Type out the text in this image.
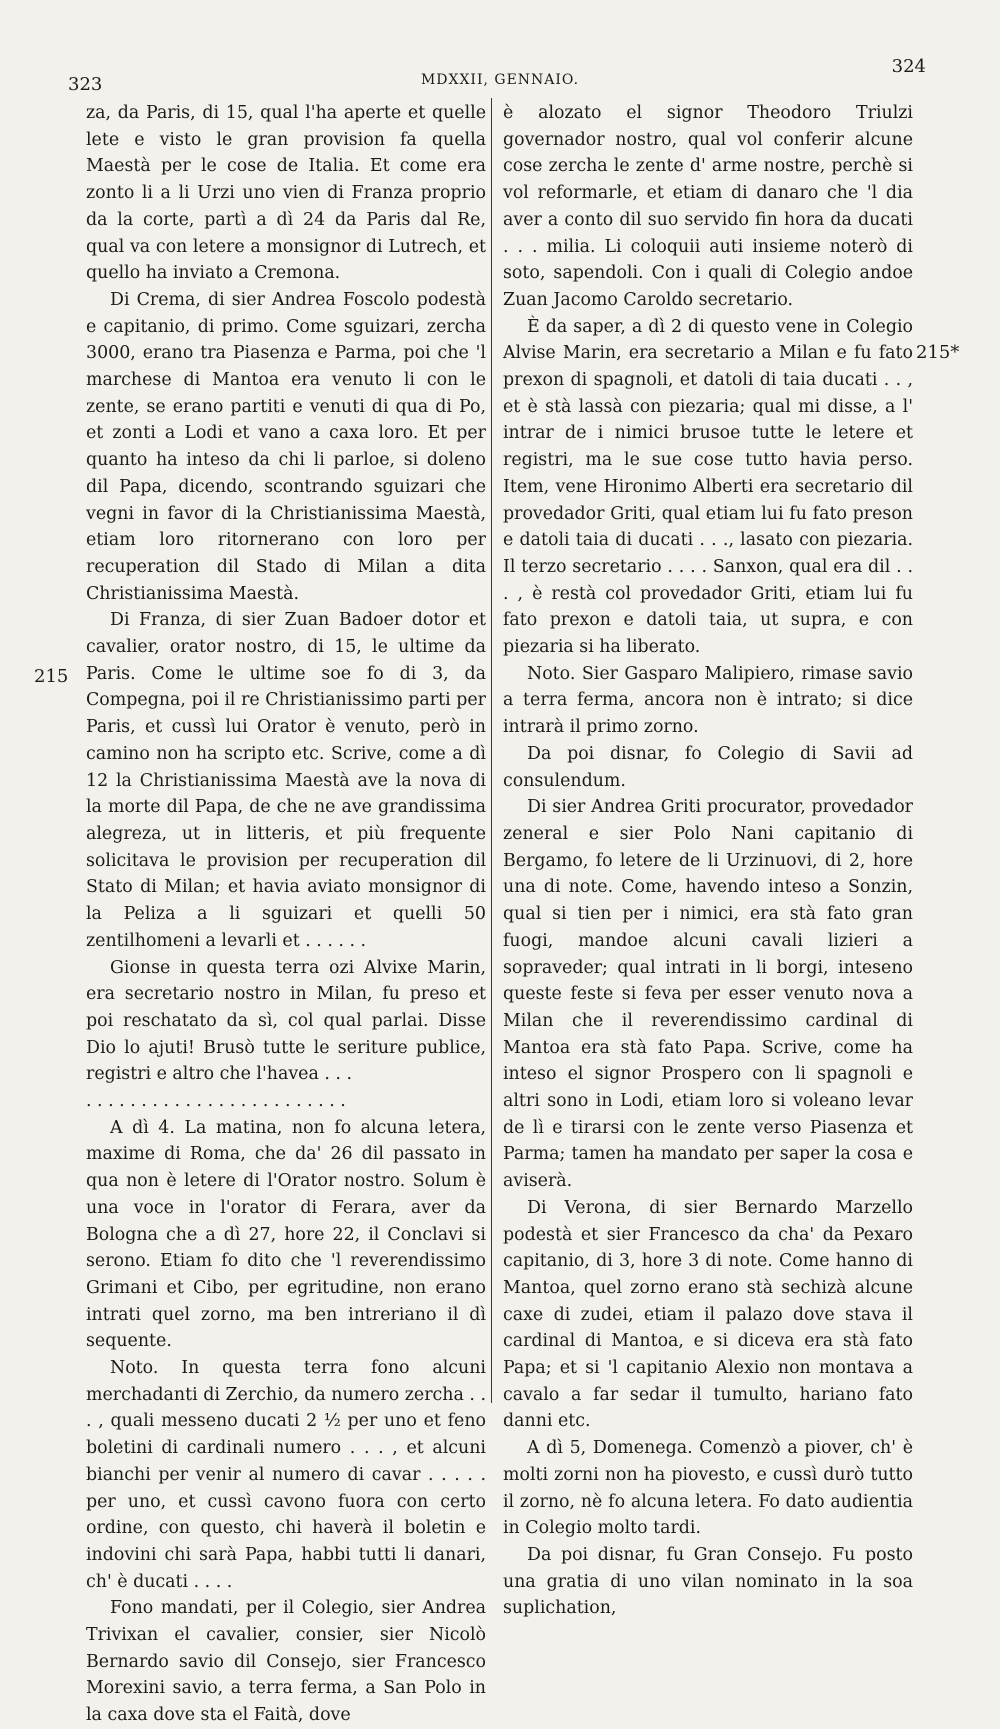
323	MDXXII, GENNAIO.
324
215
215*

za, da Paris, di 15, qual l'ha aperte et quelle lete e visto le gran provision fa quella Maestà per le cose de Italia. Et come era zonto li a li Urzi uno vien di Franza proprio da la corte, partì a dì 24 da Paris dal Re, qual va con letere a monsignor di Lutrech, et quello ha inviato a Cremona.

Di Crema, di sier Andrea Foscolo podestà e capitanio, di primo. Come sguizari, zercha 3000, erano tra Piasenza e Parma, poi che 'l marchese di Mantoa era venuto li con le zente, se erano partiti e venuti di qua di Po, et zonti a Lodi et vano a caxa loro. Et per quanto ha inteso da chi li parloe, si doleno dil Papa, dicendo, scontrando sguizari che vegni in favor di la Christianissima Maestà, etiam loro ritornerano con loro per recuperation dil Stado di Milan a dita Christianissima Maestà.

Di Franza, di sier Zuan Badoer dotor et cavalier, orator nostro, di 15, le ultime da Paris. Come le ultime soe fo di 3, da Compegna, poi il re Christianissimo parti per Paris, et cussì lui Orator è venuto, però in camino non ha scripto etc. Scrive, come a dì 12 la Christianissima Maestà ave la nova di la morte dil Papa, de che ne ave grandissima alegreza, ut in litteris, et più frequente solicitava le provision per recuperation dil Stato di Milan; et havia aviato monsignor di la Peliza a li sguizari et quelli 50 zentilhomeni a levarli et . . . . . .

Gionse in questa terra ozi Alvixe Marin, era secretario nostro in Milan, fu preso et poi reschatato da sì, col qual parlai. Disse Dio lo ajuti! Brusò tutte le seriture publice, registri e altro che l'havea . . .

. . . . . . . . . . . . . . . . . . . . . . . .

A dì 4. La matina, non fo alcuna letera, maxime di Roma, che da' 26 dil passato in qua non è letere di l'Orator nostro. Solum è una voce in l'orator di Ferara, aver da Bologna che a dì 27, hore 22, il Conclavi si serono. Etiam fo dito che 'l reverendissimo Grimani et Cibo, per egritudine, non erano intrati quel zorno, ma ben intreriano il dì sequente.

Noto. In questa terra fono alcuni merchadanti di Zerchio, da numero zercha . . . , quali messeno ducati 2 ½ per uno et feno boletini di cardinali numero . . . , et alcuni bianchi per venir al numero di cavar . . . . . per uno, et cussì cavono fuora con certo ordine, con questo, chi haverà il boletin e indovini chi sarà Papa, habbi tutti li danari, ch' è ducati . . . .

Fono mandati, per il Colegio, sier Andrea Trivixan el cavalier, consier, sier Nicolò Bernardo savio dil Consejo, sier Francesco Morexini savio, a terra ferma, a San Polo in la caxa dove sta el Faità, dove

è alozato el signor Theodoro Triulzi governador nostro, qual vol conferir alcune cose zercha le zente d' arme nostre, perchè si vol reformarle, et etiam di danaro che 'l dia aver a conto dil suo servido fin hora da ducati . . . milia. Li coloquii auti insieme noterò di soto, sapendoli. Con i quali di Colegio andoe Zuan Jacomo Caroldo secretario.

È da saper, a dì 2 di questo vene in Colegio Alvise Marin, era secretario a Milan e fu fato prexon di spagnoli, et datoli di taia ducati . . , et è stà lassà con piezaria; qual mi disse, a l' intrar de i nimici brusoe tutte le letere et registri, ma le sue cose tutto havia perso. Item, vene Hironimo Alberti era secretario dil provedador Griti, qual etiam lui fu fato preson e datoli taia di ducati . . ., lasato con piezaria. Il terzo secretario . . . . Sanxon, qual era dil . . . , è restà col provedador Griti, etiam lui fu fato prexon e datoli taia, ut supra, e con piezaria si ha liberato.

Noto. Sier Gasparo Malipiero, rimase savio a terra ferma, ancora non è intrato; si dice intrarà il primo zorno.

Da poi disnar, fo Colegio di Savii ad consulendum.

Di sier Andrea Griti procurator, provedador zeneral e sier Polo Nani capitanio di Bergamo, fo letere de li Urzinuovi, di 2, hore una di note. Come, havendo inteso a Sonzin, qual si tien per i nimici, era stà fato gran fuogi, mandoe alcuni cavali lizieri a sopraveder; qual intrati in li borgi, inteseno queste feste si feva per esser venuto nova a Milan che il reverendissimo cardinal di Mantoa era stà fato Papa. Scrive, come ha inteso el signor Prospero con li spagnoli e altri sono in Lodi, etiam loro si voleano levar de lì e tirarsi con le zente verso Piasenza et Parma; tamen ha mandato per saper la cosa e aviserà.

Di Verona, di sier Bernardo Marzello podestà et sier Francesco da cha' da Pexaro capitanio, di 3, hore 3 di note. Come hanno di Mantoa, quel zorno erano stà sechizà alcune caxe di zudei, etiam il palazo dove stava il cardinal di Mantoa, e si diceva era stà fato Papa; et si 'l capitanio Alexio non montava a cavalo a far sedar il tumulto, hariano fato danni etc.

A dì 5, Domenega. Comenzò a piover, ch' è molti zorni non ha piovesto, e cussì durò tutto il zorno, nè fo alcuna letera. Fo dato audientia in Colegio molto tardi.

Da poi disnar, fu Gran Consejo. Fu posto una gratia di uno vilan nominato in la soa suplichation,
